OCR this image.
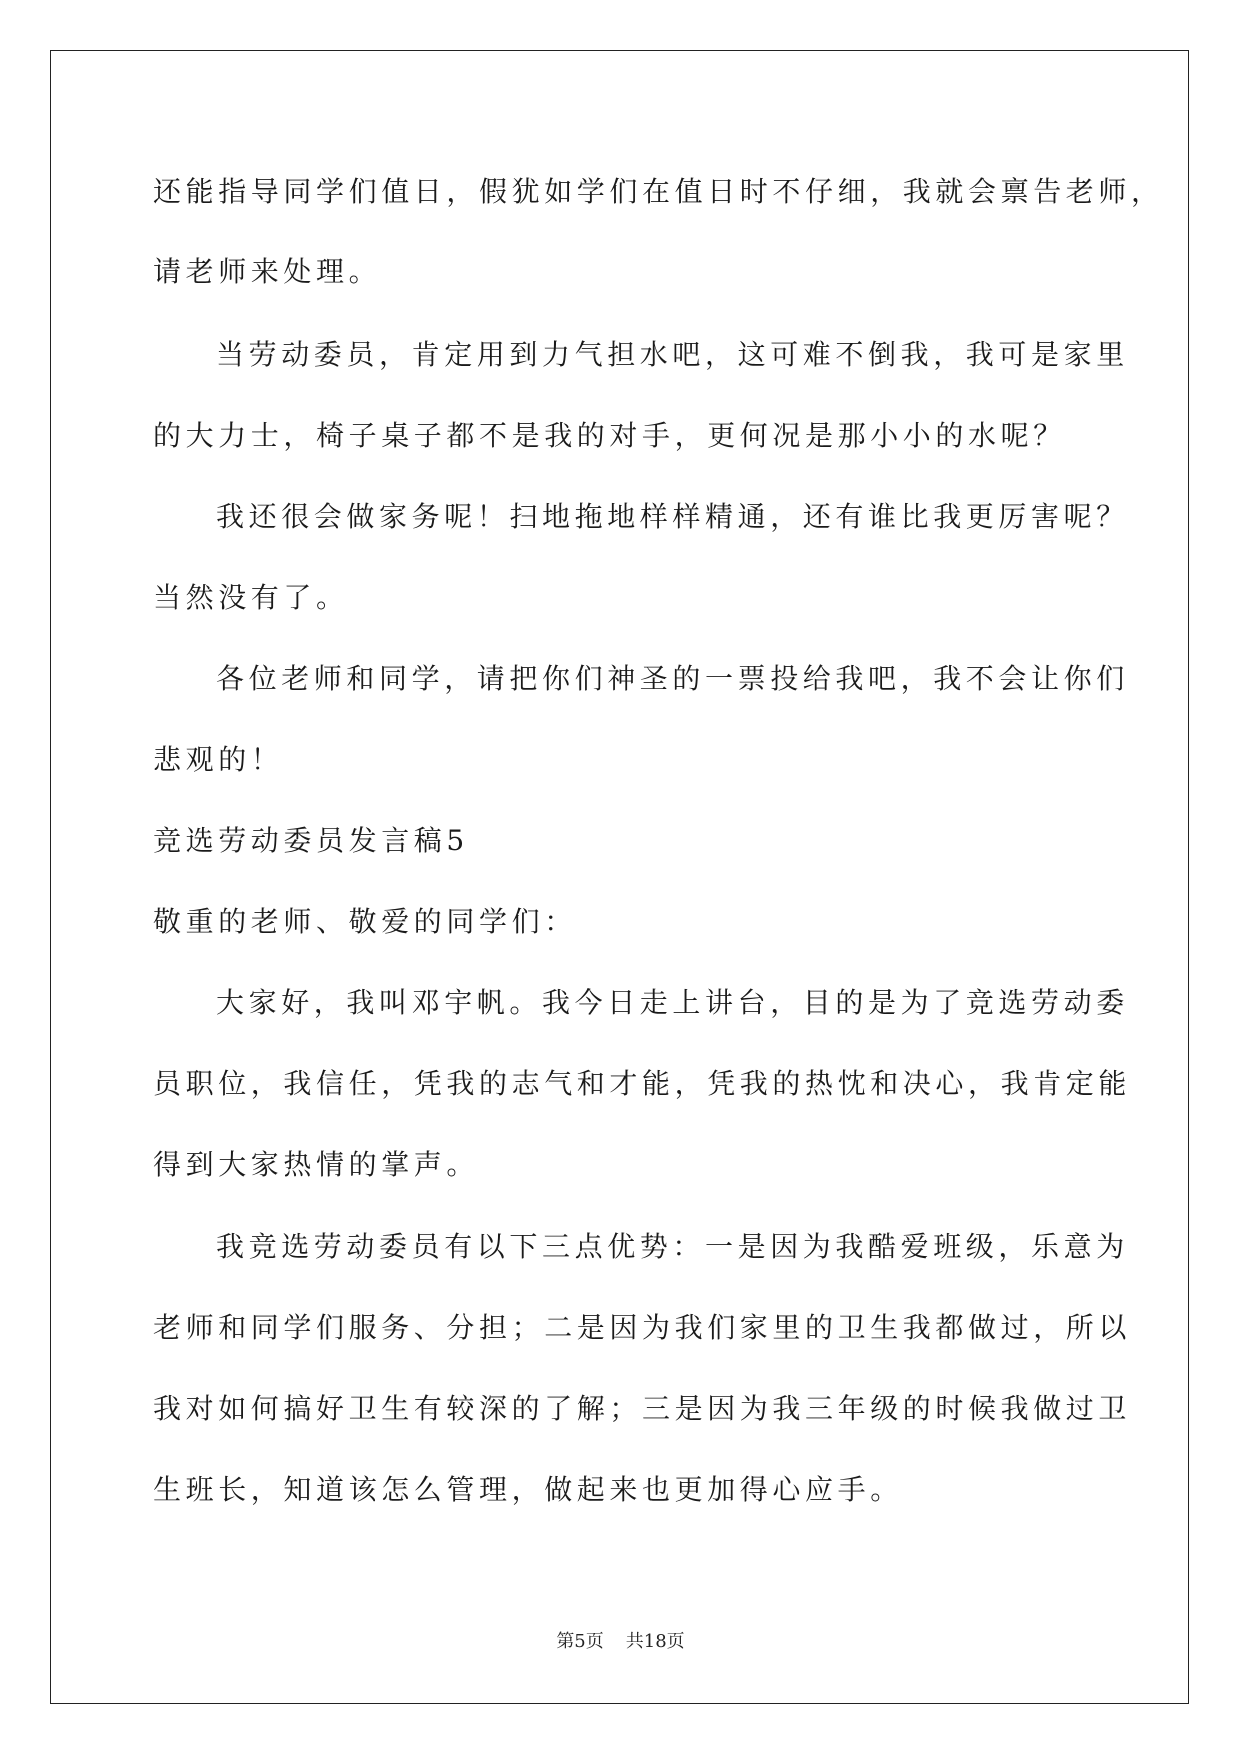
还能指导同学们值日，假犹如学们在值日时不仔细，我就会禀告老师，
请老师来处理。
当劳动委员，肯定用到力气担水吧，这可难不倒我，我可是家里
的大力士，椅子桌子都不是我的对手，更何况是那小小的水呢？
我还很会做家务呢！扫地拖地样样精通，还有谁比我更厉害呢？
当然没有了。
各位老师和同学，请把你们神圣的一票投给我吧，我不会让你们
悲观的！
竞选劳动委员发言稿5
敬重的老师、敬爱的同学们：
大家好，我叫邓宇帆。我今日走上讲台，目的是为了竞选劳动委
员职位，我信任，凭我的志气和才能，凭我的热忱和决心，我肯定能
得到大家热情的掌声。
我竞选劳动委员有以下三点优势：一是因为我酷爱班级，乐意为
老师和同学们服务、分担；二是因为我们家里的卫生我都做过，所以
我对如何搞好卫生有较深的了解；三是因为我三年级的时候我做过卫
生班长，知道该怎么管理，做起来也更加得心应手。
第5页 共18页
